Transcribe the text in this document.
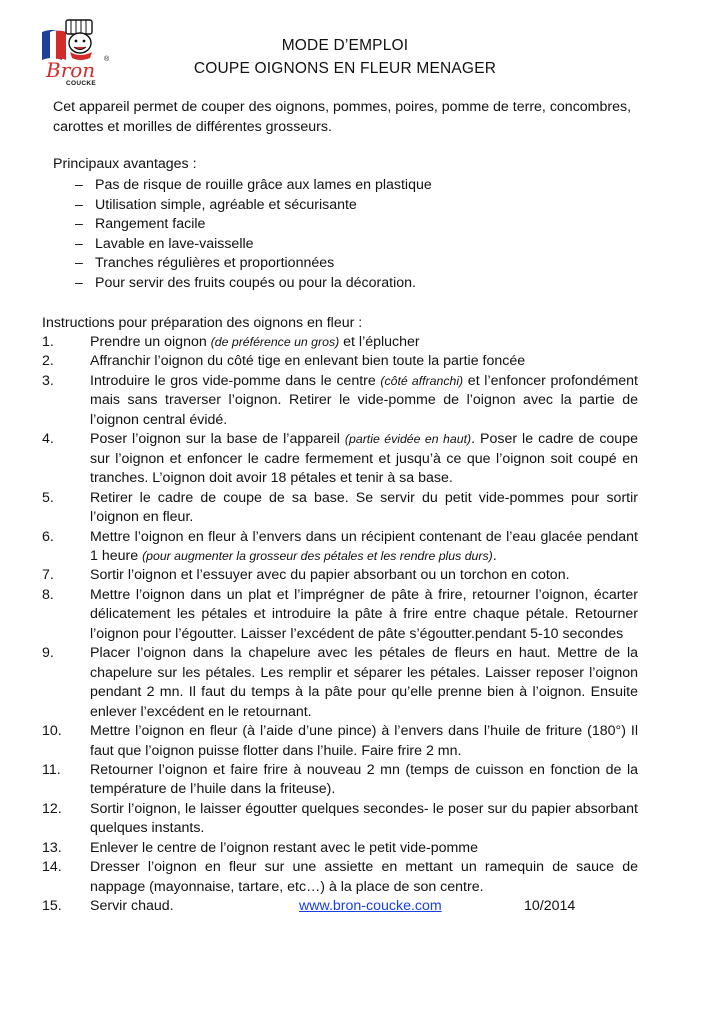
Bron ®
COUCKE
MODE D’EMPLOI
COUPE OIGNONS EN FLEUR MENAGER
Cet appareil permet de couper des oignons, pommes, poires, pomme de terre, concombres, carottes et morilles de différentes grosseurs.
Principaux avantages :
– Pas de risque de rouille grâce aux lames en plastique
– Utilisation simple, agréable et sécurisante
– Rangement facile
– Lavable en lave-vaisselle
– Tranches régulières et proportionnées
– Pour servir des fruits coupés ou pour la décoration.
Instructions pour préparation des oignons en fleur :
1.	Prendre un oignon (de préférence un gros) et l’éplucher
2.	Affranchir l’oignon du côté tige en enlevant bien toute la partie foncée
3.	Introduire le gros vide-pomme dans le centre (côté affranchi) et l’enfoncer profondément mais sans traverser l’oignon. Retirer le vide-pomme de l’oignon avec la partie de l’oignon central évidé.
4.	Poser l’oignon sur la base de l’appareil (partie évidée en haut). Poser le cadre de coupe sur l’oignon et enfoncer le cadre fermement et jusqu’à ce que l’oignon soit coupé en tranches. L’oignon doit avoir 18 pétales et tenir à sa base.
5.	Retirer le cadre de coupe de sa base. Se servir du petit vide-pommes pour sortir l’oignon en fleur.
6.	Mettre l’oignon en fleur à l’envers dans un récipient contenant de l’eau glacée pendant 1 heure (pour augmenter la grosseur des pétales et les rendre plus durs).
7.	Sortir l’oignon et l’essuyer avec du papier absorbant ou un torchon en coton.
8.	Mettre l’oignon dans un plat et l’imprégner de pâte à frire, retourner l’oignon, écarter délicatement les pétales et introduire la pâte à frire entre chaque pétale. Retourner l’oignon pour l’égoutter. Laisser l’excédent de pâte s’égoutter.pendant 5-10 secondes
9.	Placer l’oignon dans la chapelure avec les pétales de fleurs en haut. Mettre de la chapelure sur les pétales. Les remplir et séparer les pétales. Laisser reposer l’oignon pendant 2 mn. Il faut du temps à la pâte pour qu’elle prenne bien à l’oignon. Ensuite enlever l’excédent en le retournant.
10. Mettre l’oignon en fleur (à l’aide d’une pince) à l’envers dans l’huile de friture (180°) Il faut que l’oignon puisse flotter dans l’huile. Faire frire 2 mn.
11. Retourner l’oignon et faire frire à nouveau 2 mn (temps de cuisson en fonction de la température de l’huile dans la friteuse).
12. Sortir l’oignon, le laisser égoutter quelques secondes- le poser sur du papier absorbant quelques instants.
13. Enlever le centre de l’oignon restant avec le petit vide-pomme
14. Dresser l’oignon en fleur sur une assiette en mettant un ramequin de sauce de nappage (mayonnaise, tartare, etc…) à la place de son centre.
15. Servir chaud.	www.bron-coucke.com	10/2014
